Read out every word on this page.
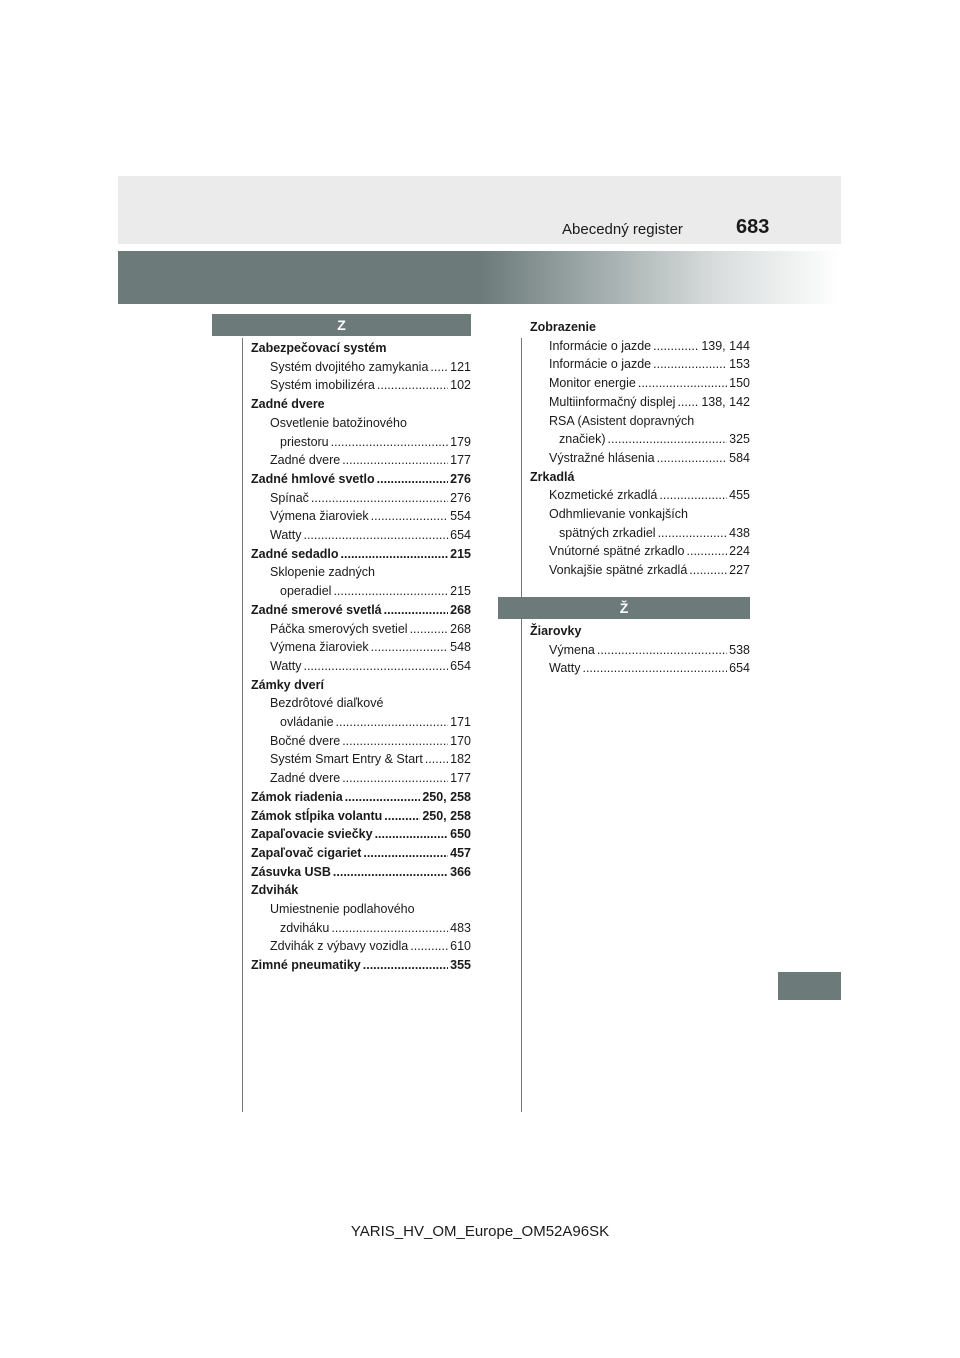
Abecedný register	683
Z
Ž
Zabezpečovací systém
Systém dvojitého zamykania ..... 121
Systém imobilizéra .....	102
Zadné dvere
Osvetlenie batožinového
priestoru .....	179
Zadné dvere .....	177
Zadné hmlové svetlo .....	276
Spínač .....	276
Výmena žiaroviek .....	554
Watty .....	654
Zadné sedadlo .....	215
Sklopenie zadných
operadiel .....	215
Zadné smerové svetlá .....	268
Páčka smerových svetiel .....	268
Výmena žiaroviek .....	548
Watty .....	654
Zámky dverí
Bezdrôtové diaľkové
ovládanie .....	171
Bočné dvere .....	170
Systém Smart Entry & Start ..... 182
Zadné dvere .....	177
Zámok riadenia .....	250, 258
Zámok stĺpika volantu .....	250, 258
Zapaľovacie sviečky .....	650
Zapaľovač cigariet .....	457
Zásuvka USB .....	366
Zdvihák
Umiestnenie podlahového
zdviháku .....	483
Zdvihák z výbavy vozidla .....	610
Zimné pneumatiky .....	355
Zobrazenie
Informácie o jazde .....	139, 144
Informácie o jazde .....	153
Monitor energie .....	150
Multiinformačný displej ..... 138, 142
RSA (Asistent dopravných
značiek) .....	325
Výstražné hlásenia .....	584
Zrkadlá
Kozmetické zrkadlá .....	455
Odhmlievanie vonkajších
spätných zrkadiel .....	438
Vnútorné spätné zrkadlo .....	224
Vonkajšie spätné zrkadlá .....	227
Žiarovky
Výmena .....	538
Watty .....	654
YARIS_HV_OM_Europe_OM52A96SK
